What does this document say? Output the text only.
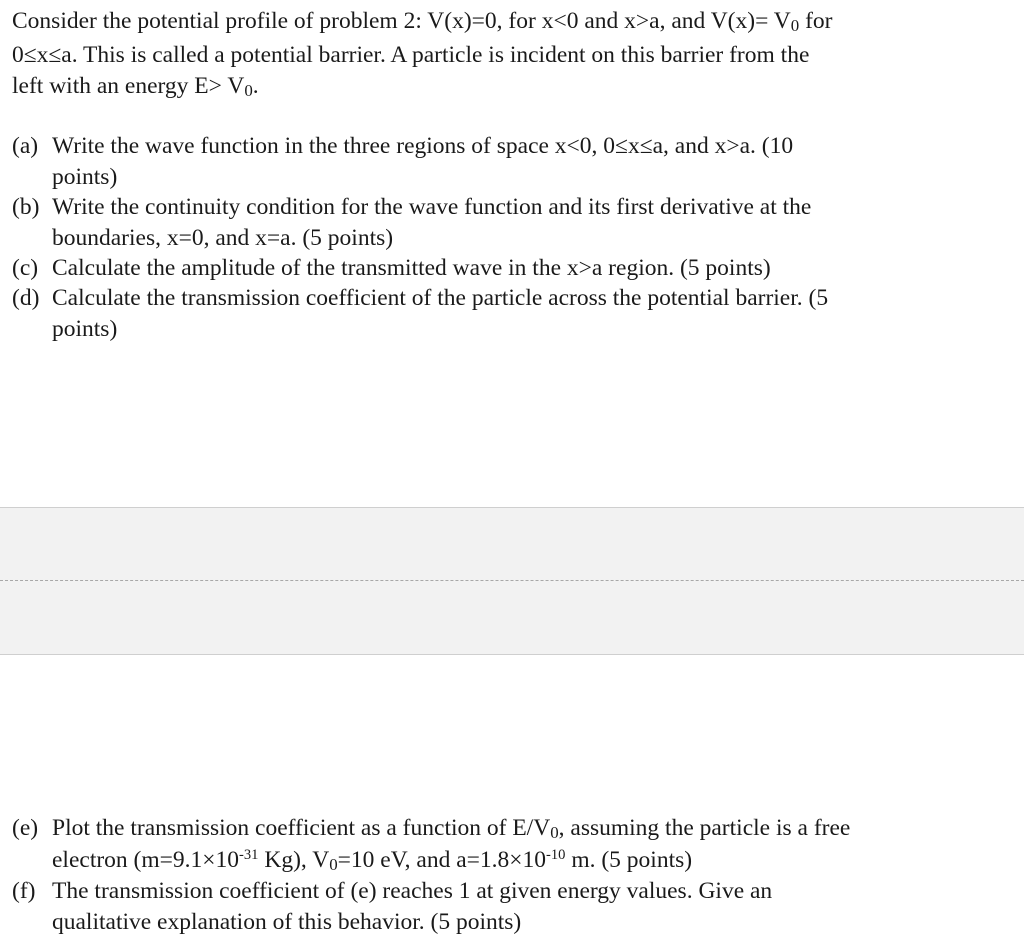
Consider the potential profile of problem 2: V(x)=0, for x<0 and x>a, and V(x)= V0 for
0≤x≤a. This is called a potential barrier. A particle is incident on this barrier from the
left with an energy E> V0.
(a) Write the wave function in the three regions of space x<0, 0≤x≤a, and x>a. (10
points)
(b) Write the continuity condition for the wave function and its first derivative at the
boundaries, x=0, and x=a. (5 points)
(c) Calculate the amplitude of the transmitted wave in the x>a region. (5 points)
(d) Calculate the transmission coefficient of the particle across the potential barrier. (5
points)
(e) Plot the transmission coefficient as a function of E/V0, assuming the particle is a free
electron ($m=9.1\times 10^{-31}$ Kg), V0=10 eV, and $a=1.8\times 10^{-10}$ m. (5 points)
(f) The transmission coefficient of (e) reaches 1 at given energy values. Give an
qualitative explanation of this behavior. (5 points)
